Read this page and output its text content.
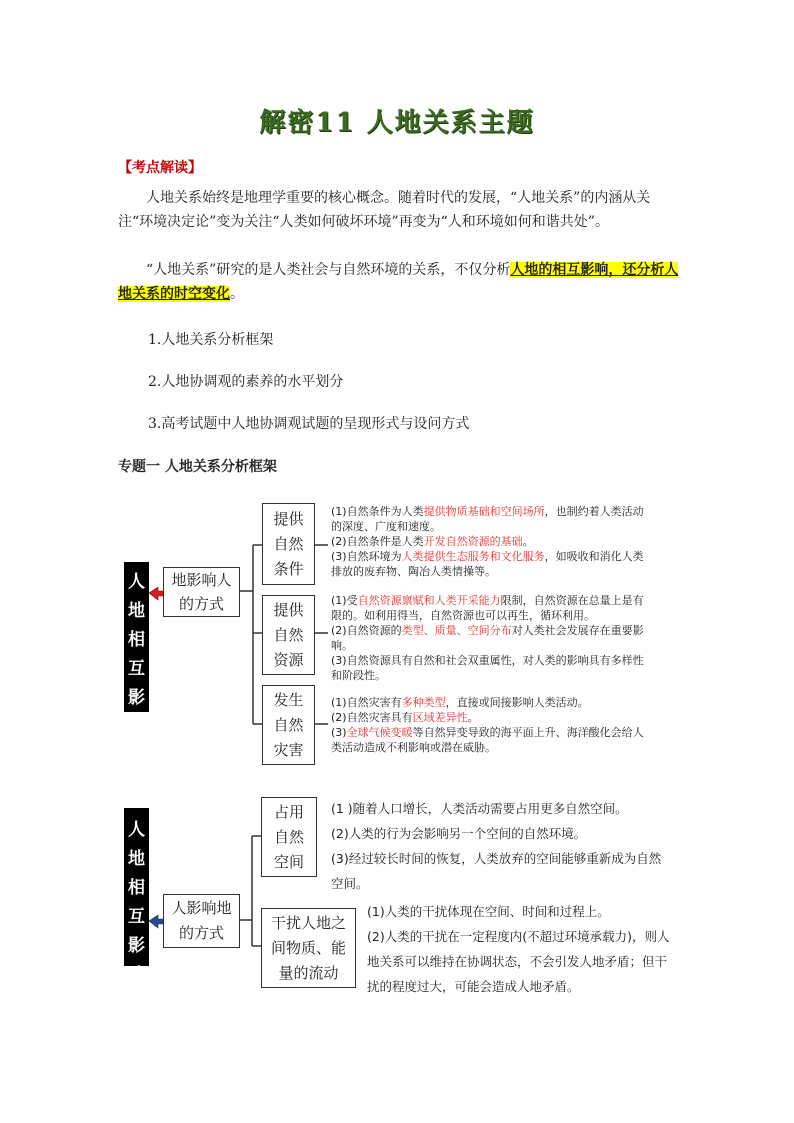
解密11 人地关系主题
【考点解读】
人地关系始终是地理学重要的核心概念。随着时代的发展，“人地关系”的内涵从关注“环境决定论”变为关注“人类如何破坏环境”再变为“人和环境如何和谐共处”。
“人地关系”研究的是人类社会与自然环境的关系，不仅分析人地的相互影响，还分析人地关系的时空变化。
1.人地关系分析框架
2.人地协调观的素养的水平划分
3.高考试题中人地协调观试题的呈现形式与设问方式
专题一 人地关系分析框架
人
地
相
互
影
响
地影响人的方式
提供自然条件
提供自然资源
发生自然灾害
(1)自然条件为人类提供物质基础和空间场所，也制约着人类活动的深度、广度和速度。
(2)自然条件是人类开发自然资源的基础。
(3)自然环境为人类提供生态服务和文化服务，如吸收和消化人类排放的废弃物、陶冶人类情操等。
(1)受自然资源禀赋和人类开采能力限制，自然资源在总量上是有限的。如利用得当，自然资源也可以再生，循环利用。
(2)自然资源的类型、质量、空间分布对人类社会发展存在重要影响。
(3)自然资源具有自然和社会双重属性，对人类的影响具有多样性和阶段性。
(1)自然灾害有多种类型，直接或间接影响人类活动。
(2)自然灾害具有区域差异性。
(3)全球气候变暖等自然异变导致的海平面上升、海洋酸化会给人类活动造成不利影响或潜在威胁。
人
地
相
互
影
响
人影响地的方式
占用自然空间
干扰人地之间物质、能量的流动
(1 )随着人口增长，人类活动需要占用更多自然空间。
(2)人类的行为会影响另一个空间的自然环境。
(3)经过较长时间的恢复，人类放弃的空间能够重新成为自然空间。
(1)人类的干扰体现在空间、时间和过程上。
(2)人类的干扰在一定程度内(不超过环境承载力)，则人地关系可以维持在协调状态，不会引发人地矛盾；但干扰的程度过大，可能会造成人地矛盾。
